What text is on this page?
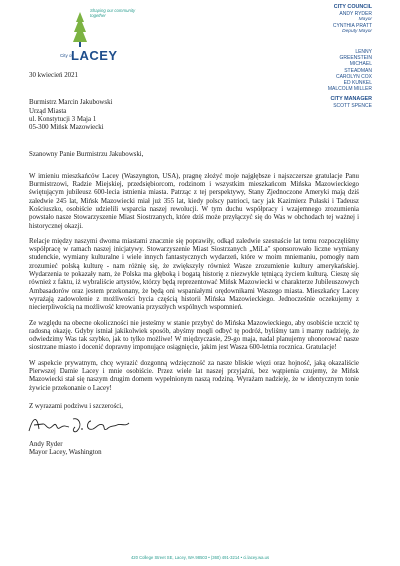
Shaping our community together
City of
LACEY
CITY COUNCIL
ANDY RYDER
Mayor
CYNTHIA PRATT
Deputy Mayor
LENNY
GREENSTEIN
MICHAEL
STEADMAN
CAROLYN COX
ED KUNKEL
MALCOLM MILLER
CITY MANAGER
SCOTT SPENCE
30 kwiecień 2021
Burmistrz Marcin Jakubowski
Urząd Miasta
ul. Konstytucji 3 Maja 1
05-300 Mińsk Mazowiecki
Szanowny Panie Burmistrzu Jakubowski,

W imieniu mieszkańców Lacey (Waszyngton, USA), pragnę złożyć moje najgłębsze i najszczersze gratulacje Panu Burmistrzowi, Radzie Miejskiej, przedsiębiorcom, rodzinom i wszystkim mieszkańcom Mińska Mazowieckiego świętującym jubileusz 600-lecia istnienia miasta. Patrząc z tej perspektywy, Stany Zjednoczone Ameryki mają dziś zaledwie 245 lat, Mińsk Mazowiecki miał już 355 lat, kiedy polscy patrioci, tacy jak Kazimierz Pułaski i Tadeusz Kościuszko, osobiście udzielili wsparcia naszej rewolucji. W tym duchu współpracy i wzajemnego zrozumienia powstało nasze Stowarzyszenie Miast Siostrzanych, które dziś może przyłączyć się do Was w obchodach tej ważnej i historycznej okazji.

Relacje między naszymi dwoma miastami znacznie się poprawiły, odkąd zaledwie szesnaście lat temu rozpoczęliśmy współpracę w ramach naszej inicjatywy. Stowarzyszenie Miast Siostrzanych „MiLa" sponsorowało liczne wymiany studenckie, wymiany kulturalne i wiele innych fantastycznych wydarzeń, które w moim mniemaniu, pomogły nam zrozumieć polską kulturę - nam różnię się, że zwiększyły również Wasze zrozumienie kultury amerykańskiej. Wydarzenia te pokazały nam, że Polska ma głęboką i bogatą historię z niezwykle tętniącą życiem kulturą. Cieszę się również z faktu, iż wybraliście artystów, którzy będą reprezentować Mińsk Mazowiecki w charakterze Jubileuszowych Ambasadorów oraz jestem przekonany, że będą oni wspaniałymi orędownikami Waszego miasta. Mieszkańcy Lacey wyrażają zadowolenie z możliwości bycia częścią historii Mińska Mazowieckiego. Jednocześnie oczekujemy z niecierpliwością na możliwość kreowania przyszłych wspólnych wspomnień.

Ze względu na obecne okoliczności nie jesteśmy w stanie przybyć do Mińska Mazowieckiego, aby osobiście uczcić tę radosną okazję. Gdyby istniał jakikolwiek sposób, abyśmy mogli odbyć tę podróż, byliśmy tam i mamy nadzieję, że odwiedzimy Was tak szybko, jak to tylko możliwe! W międzyczasie, 29-go maja, nadal planujemy uhonorować nasze siostrzane miasto i docenić dopravny imponujące osiągnięcie, jakim jest Wasza 600-letnia rocznica. Gratulacje!

W aspekcie prywatnym, chcę wyrazić dozgonną wdzięczność za nasze bliskie więzi oraz hojność, jaką okazaliście Pierwszej Damie Lacey i mnie osobiście. Przez wiele lat naszej przyjaźni, bez wątpienia czujemy, że Mińsk Mazowiecki stał się naszym drugim domem wypełnionym naszą rodziną. Wyrażam nadzieję, że w identycznym tonie żywicie przekonanie o Lacey!

Z wyrazami podziwu i szczerości,
Andy Ryder
Mayor Lacey, Washington
420 College Street SE, Lacey, WA 98503 • (360) 491-3214 • ci.lacey.wa.us
